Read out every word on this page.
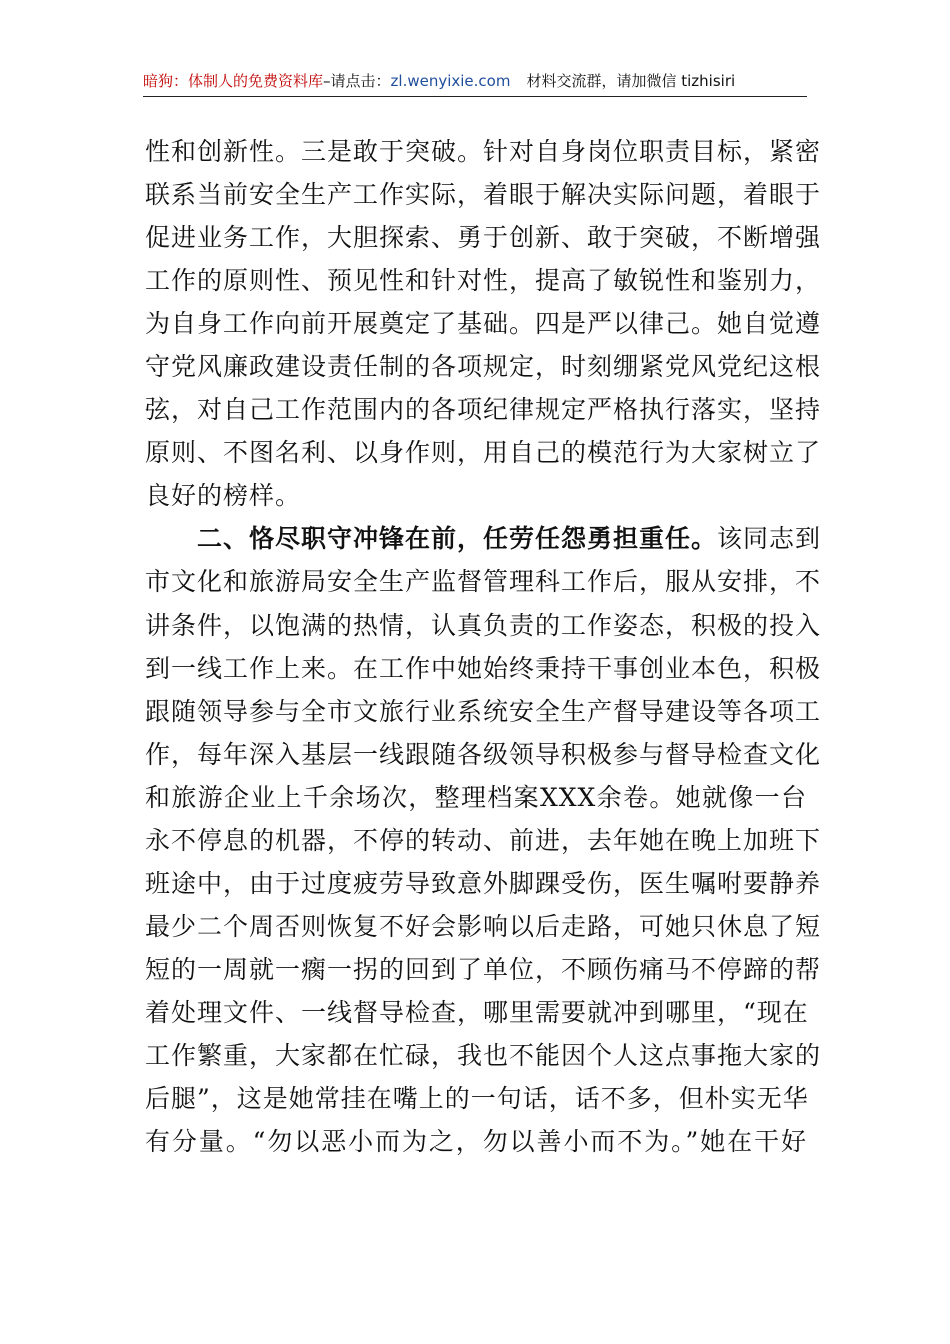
暗狗：体制人的免费资料库–请点击：zl.wenyixie.com 材料交流群，请加微信 tizhisiri
性和创新性。三是敢于突破。针对自身岗位职责目标，紧密
联系当前安全生产工作实际，着眼于解决实际问题，着眼于
促进业务工作，大胆探索、勇于创新、敢于突破，不断增强
工作的原则性、预见性和针对性，提高了敏锐性和鉴别力，
为自身工作向前开展奠定了基础。四是严以律己。她自觉遵
守党风廉政建设责任制的各项规定，时刻绷紧党风党纪这根
弦，对自己工作范围内的各项纪律规定严格执行落实，坚持
原则、不图名利、以身作则，用自己的模范行为大家树立了
良好的榜样。
二、恪尽职守冲锋在前，任劳任怨勇担重任。该同志到
市文化和旅游局安全生产监督管理科工作后，服从安排，不
讲条件，以饱满的热情，认真负责的工作姿态，积极的投入
到一线工作上来。在工作中她始终秉持干事创业本色，积极
跟随领导参与全市文旅行业系统安全生产督导建设等各项工
作，每年深入基层一线跟随各级领导积极参与督导检查文化
和旅游企业上千余场次，整理档案XXX余卷。她就像一台
永不停息的机器，不停的转动、前进，去年她在晚上加班下
班途中，由于过度疲劳导致意外脚踝受伤，医生嘱咐要静养
最少二个周否则恢复不好会影响以后走路，可她只休息了短
短的一周就一瘸一拐的回到了单位，不顾伤痛马不停蹄的帮
着处理文件、一线督导检查，哪里需要就冲到哪里，“现在
工作繁重，大家都在忙碌，我也不能因个人这点事拖大家的
后腿”，这是她常挂在嘴上的一句话，话不多，但朴实无华
有分量。“勿以恶小而为之，勿以善小而不为。”她在干好
